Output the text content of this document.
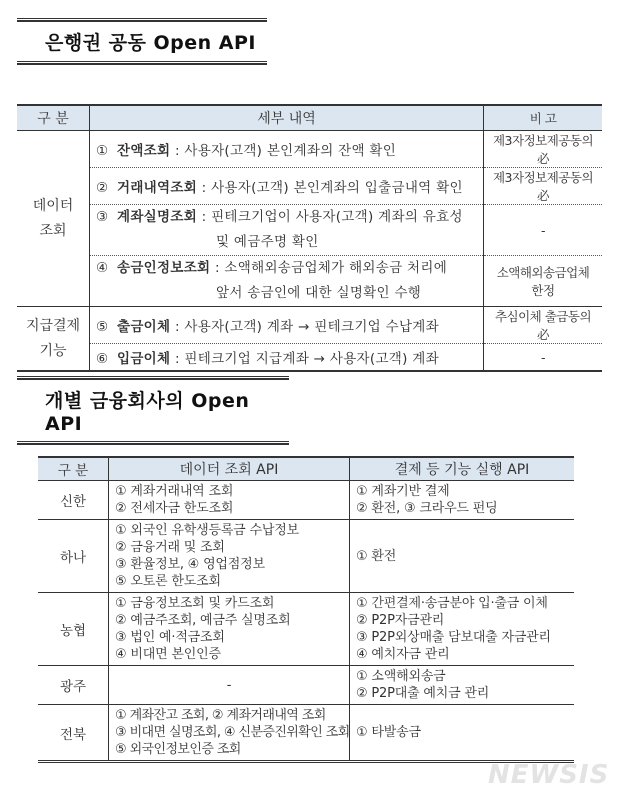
은행권 공동 Open API
구 분	세부 내역	비 고

데이터
조회	① 잔액조회 : 사용자(고객) 본인계좌의 잔액 확인	제3자정보제공동의 必
	② 거래내역조회 : 사용자(고객) 본인계좌의 입출금내역 확인	제3자정보제공동의 必
	③ 계좌실명조회 : 핀테크기업이 사용자(고객) 계좌의 유효성
및 예금주명 확인	-
	④ 송금인정보조회 : 소액해외송금업체가 해외송금 처리에
앞서 송금인에 대한 실명확인 수행	소액해외송금업체 한정

지급결제
기능	⑤ 출금이체 : 사용자(고객) 계좌 → 핀테크기업 수납계좌	추심이체 출금동의 必
	⑥ 입금이체 : 핀테크기업 지급계좌 → 사용자(고객) 계좌	-
개별 금융회사의 Open API
구 분	데이터 조회 API	결제 등 기능 실행 API
신한	① 계좌거래내역 조회
② 전세자금 한도조회	① 계좌기반 결제
② 환전, ③ 크라우드 펀딩

하나	① 외국인 유학생등록금 수납정보
② 금융거래 및 조회
③ 환율정보, ④ 영업점정보
⑤ 오토론 한도조회	① 환전

농협	① 금융정보조회 및 카드조회
② 예금주조회, 예금주 실명조회
③ 법인 예·적금조회
④ 비대면 본인인증	① 간편결제·송금분야 입·출금 이체
② P2P자금관리
③ P2P외상매출 담보대출 자금관리
④ 예치자금 관리

광주	-	① 소액해외송금
② P2P대출 예치금 관리

전북	① 계좌잔고 조회, ② 계좌거래내역 조회
③ 비대면 실명조회, ④ 신분증진위확인 조회
⑤ 외국인정보인증 조회	① 타발송금
NEWSIS
